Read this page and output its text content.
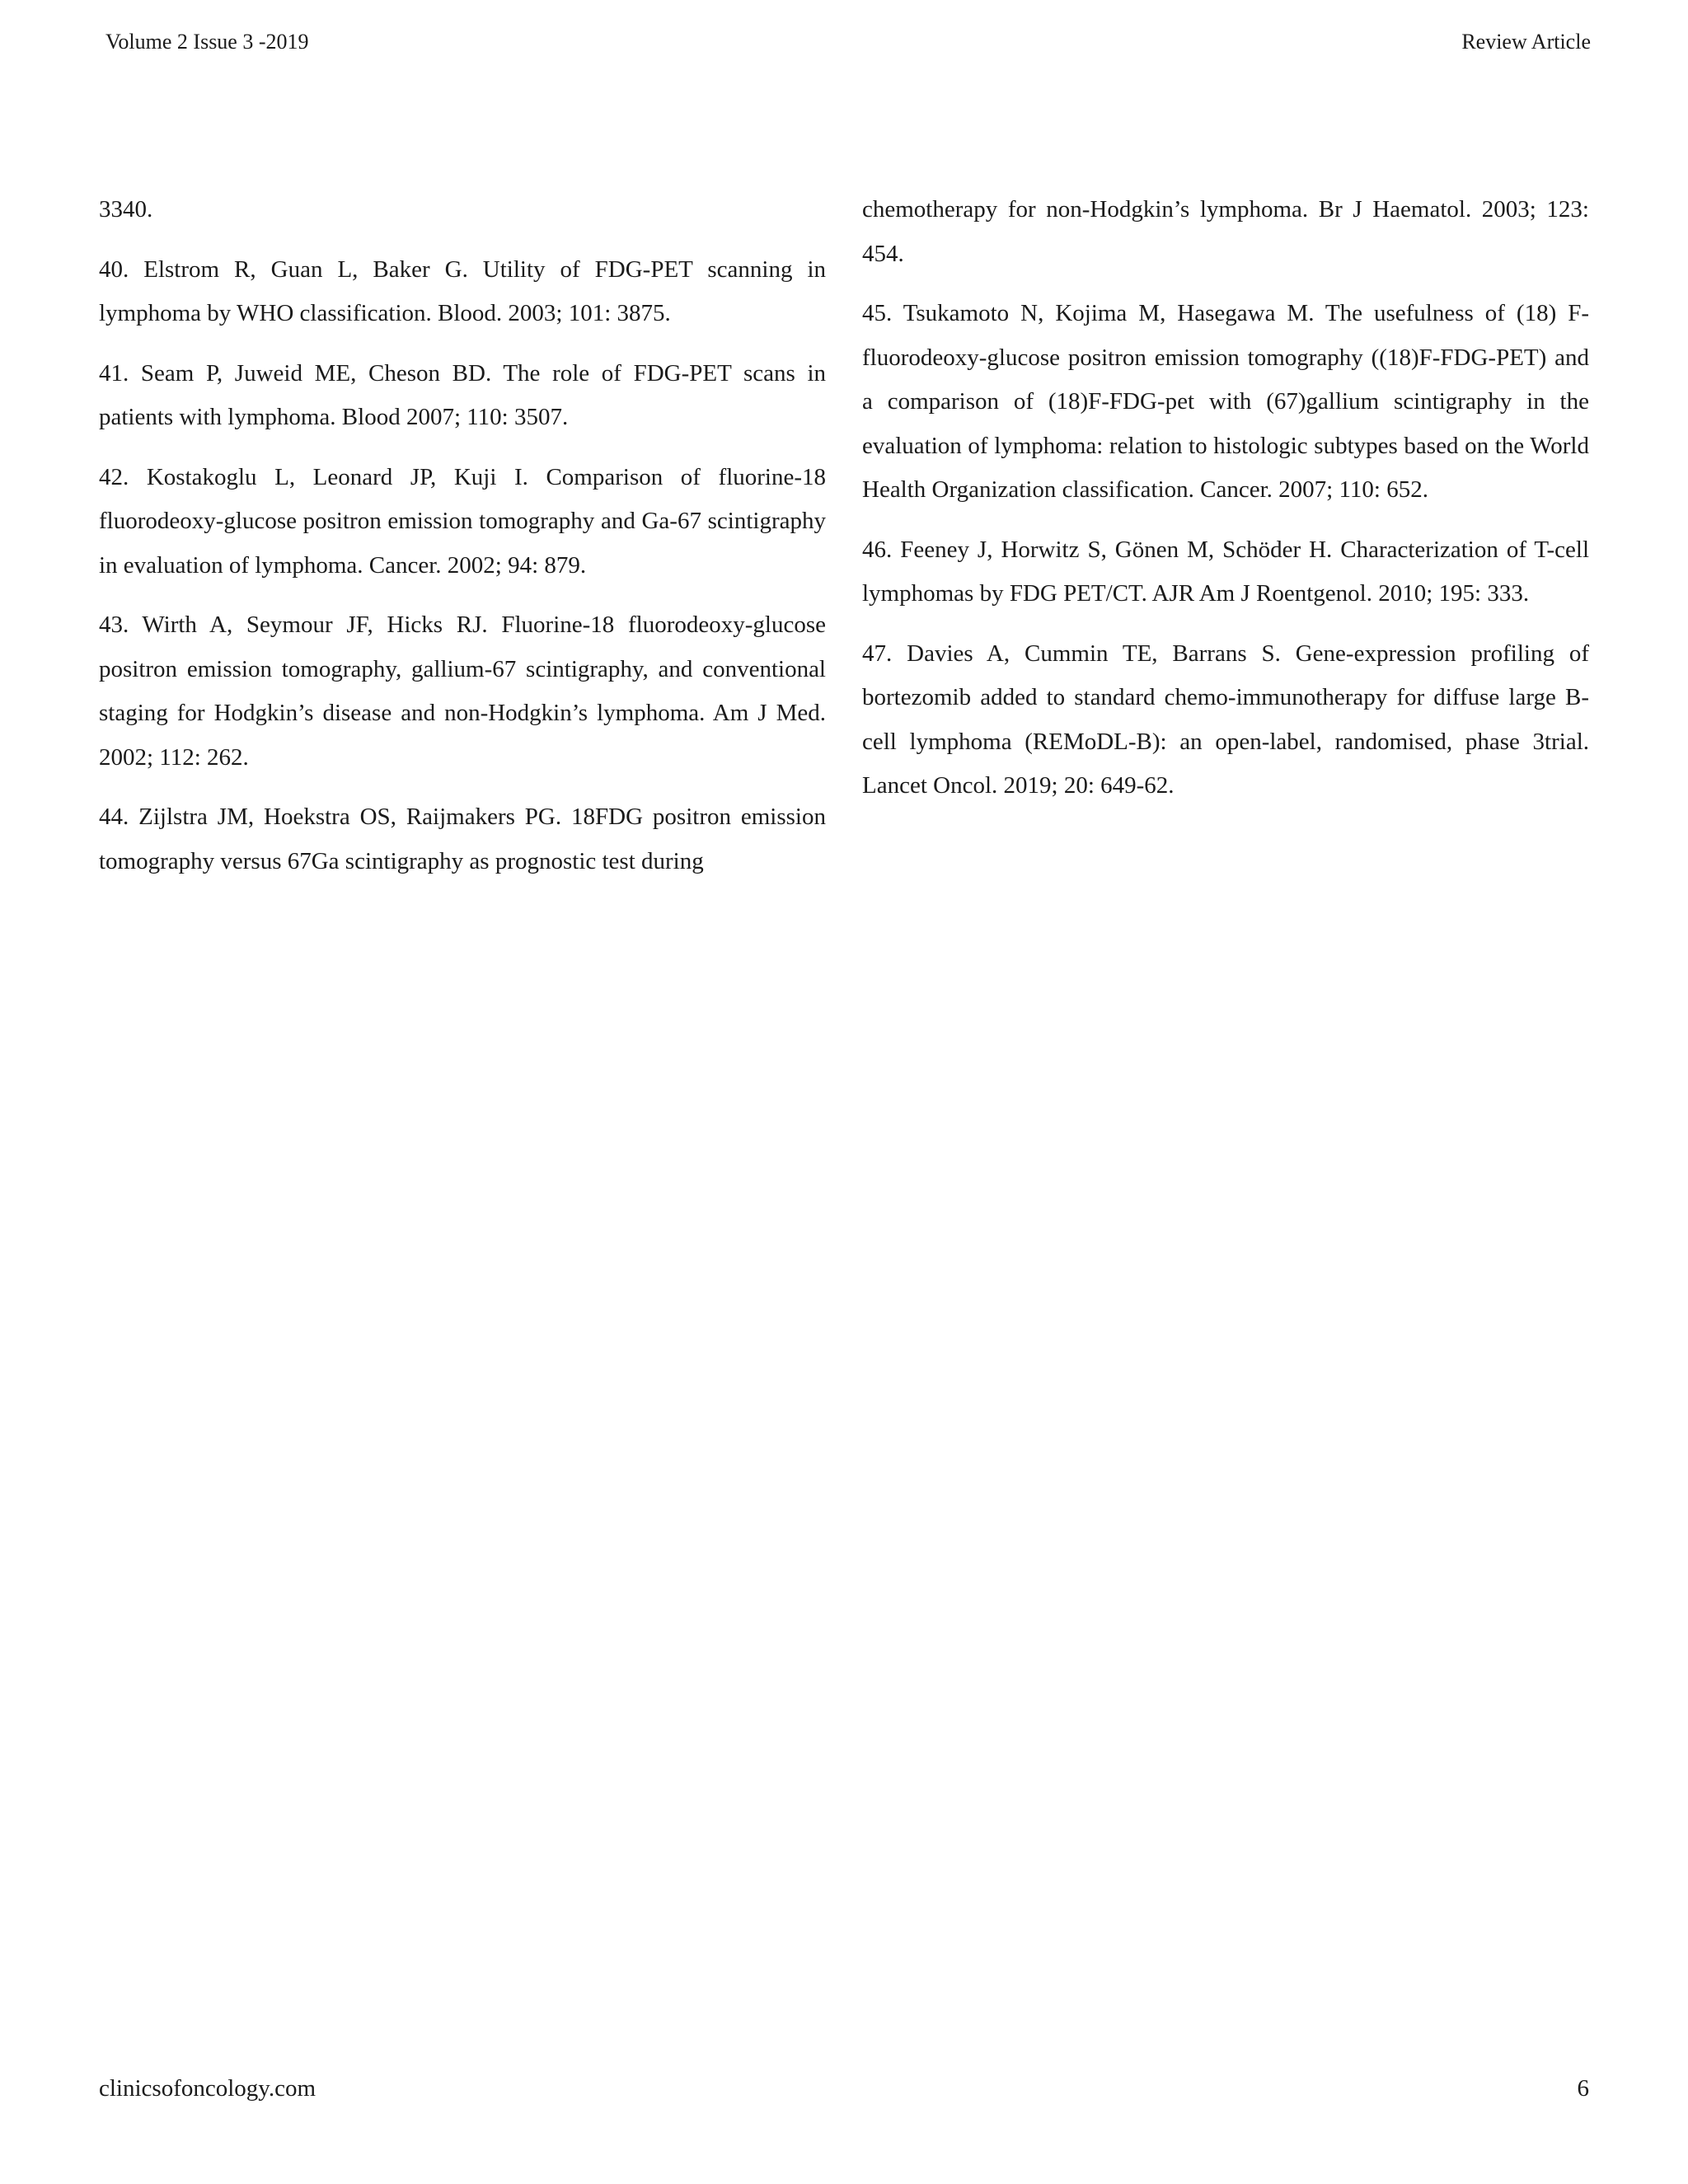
Volume 2 Issue 3 -2019	Review Article

3340.

40. Elstrom R, Guan L, Baker G. Utility of FDG-PET scanning in lymphoma by WHO classification. Blood. 2003; 101: 3875.

41. Seam P, Juweid ME, Cheson BD. The role of FDG-PET scans in patients with lymphoma. Blood 2007; 110: 3507.

42. Kostakoglu L, Leonard JP, Kuji I. Comparison of fluorine-18 fluorodeoxy-glucose positron emission tomography and Ga-67 scintigraphy in evaluation of lymphoma. Cancer. 2002; 94: 879.

43. Wirth A, Seymour JF, Hicks RJ. Fluorine-18 fluorodeoxy-glucose positron emission tomography, gallium-67 scintigraphy, and conventional staging for Hodgkin’s disease and non-Hodgkin’s lymphoma. Am J Med. 2002; 112: 262.

44. Zijlstra JM, Hoekstra OS, Raijmakers PG. 18FDG positron emission tomography versus 67Ga scintigraphy as prognostic test during

chemotherapy for non-Hodgkin’s lymphoma. Br J Haematol. 2003; 123: 454.

45. Tsukamoto N, Kojima M, Hasegawa M. The usefulness of (18) F-fluorodeoxy-glucose positron emission tomography ((18)F-FDG-PET) and a comparison of (18)F-FDG-pet with (67)gallium scintigraphy in the evaluation of lymphoma: relation to histologic subtypes based on the World Health Organization classification. Cancer. 2007; 110: 652.

46. Feeney J, Horwitz S, Gönen M, Schöder H. Characterization of T-cell lymphomas by FDG PET/CT. AJR Am J Roentgenol. 2010; 195: 333.

47. Davies A, Cummin TE, Barrans S. Gene-expression profiling of bortezomib added to standard chemo-immunotherapy for diffuse large B-cell lymphoma (REMoDL-B): an open-label, randomised, phase 3trial. Lancet Oncol. 2019; 20: 649-62.

clinicsofoncology.com	6
